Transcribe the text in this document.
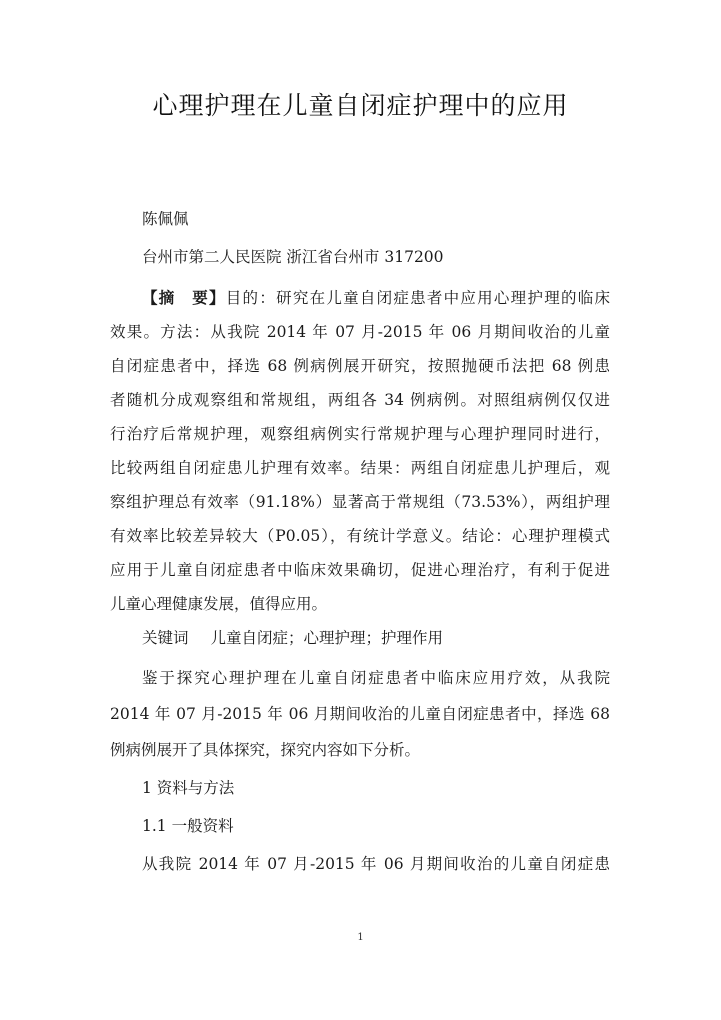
心理护理在儿童自闭症护理中的应用
陈佩佩
台州市第二人民医院 浙江省台州市 317200
【摘　要】目的：研究在儿童自闭症患者中应用心理护理的临床
效果。方法：从我院 2014 年 07 月-2015 年 06 月期间收治的儿童
自闭症患者中，择选 68 例病例展开研究，按照抛硬币法把 68 例患
者随机分成观察组和常规组，两组各 34 例病例。对照组病例仅仅进
行治疗后常规护理，观察组病例实行常规护理与心理护理同时进行，
比较两组自闭症患儿护理有效率。结果：两组自闭症患儿护理后，观
察组护理总有效率（91.18%）显著高于常规组（73.53%），两组护理
有效率比较差异较大（P0.05），有统计学意义。结论：心理护理模式
应用于儿童自闭症患者中临床效果确切，促进心理治疗，有利于促进
儿童心理健康发展，值得应用。
关键词 儿童自闭症；心理护理；护理作用
鉴于探究心理护理在儿童自闭症患者中临床应用疗效，从我院
2014 年 07 月-2015 年 06 月期间收治的儿童自闭症患者中，择选 68
例病例展开了具体探究，探究内容如下分析。
1 资料与方法
1.1 一般资料
从我院 2014 年 07 月-2015 年 06 月期间收治的儿童自闭症患
1
